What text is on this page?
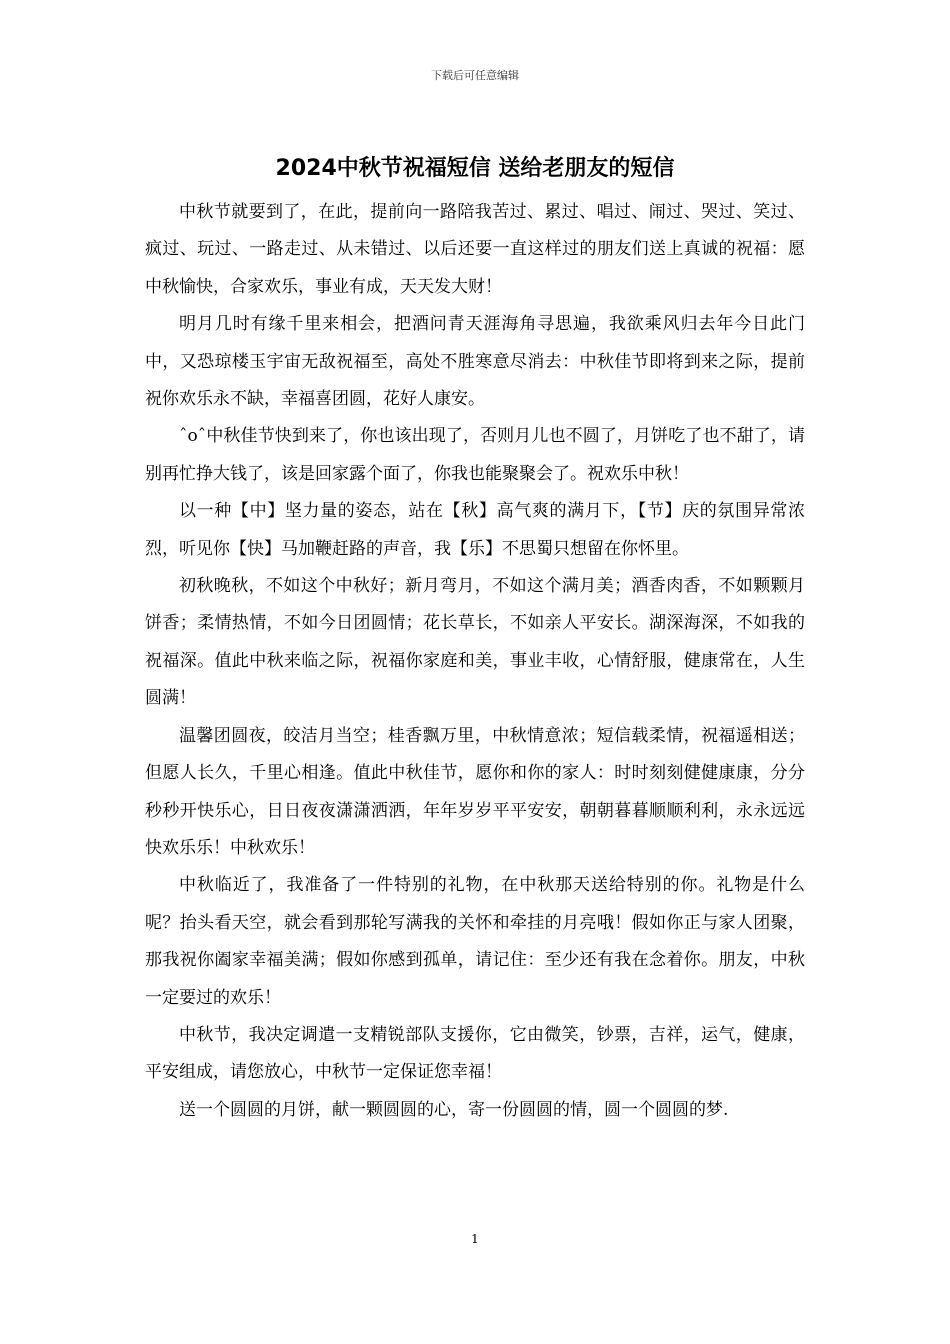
下载后可任意编辑
2024中秋节祝福短信 送给老朋友的短信

中秋节就要到了，在此，提前向一路陪我苦过、累过、唱过、闹过、哭过、笑过、疯过、玩过、一路走过、从未错过、以后还要一直这样过的朋友们送上真诚的祝福：愿中秋愉快，合家欢乐，事业有成，天天发大财！

明月几时有缘千里来相会，把酒问青天涯海角寻思遍，我欲乘风归去年今日此门中，又恐琼楼玉宇宙无敌祝福至，高处不胜寒意尽消去：中秋佳节即将到来之际，提前祝你欢乐永不缺，幸福喜团圆，花好人康安。

ˆoˆ中秋佳节快到来了，你也该出现了，否则月儿也不圆了，月饼吃了也不甜了，请别再忙挣大钱了，该是回家露个面了，你我也能聚聚会了。祝欢乐中秋！

以一种【中】坚力量的姿态，站在【秋】高气爽的满月下，【节】庆的氛围异常浓烈，听见你【快】马加鞭赶路的声音，我【乐】不思蜀只想留在你怀里。

初秋晚秋，不如这个中秋好；新月弯月，不如这个满月美；酒香肉香，不如颗颗月饼香；柔情热情，不如今日团圆情；花长草长，不如亲人平安长。湖深海深，不如我的祝福深。值此中秋来临之际，祝福你家庭和美，事业丰收，心情舒服，健康常在，人生圆满！

温馨团圆夜，皎洁月当空；桂香飘万里，中秋情意浓；短信载柔情，祝福遥相送；但愿人长久，千里心相逢。值此中秋佳节，愿你和你的家人：时时刻刻健健康康，分分秒秒开快乐心，日日夜夜潇潇洒洒，年年岁岁平平安安，朝朝暮暮顺顺利利，永永远远快欢乐乐！中秋欢乐！

中秋临近了，我准备了一件特别的礼物，在中秋那天送给特别的你。礼物是什么呢？抬头看天空，就会看到那轮写满我的关怀和牵挂的月亮哦！假如你正与家人团聚，那我祝你阖家幸福美满；假如你感到孤单，请记住：至少还有我在念着你。朋友，中秋一定要过的欢乐！

中秋节，我决定调遣一支精锐部队支援你，它由微笑，钞票，吉祥，运气，健康，平安组成，请您放心，中秋节一定保证您幸福！

送一个圆圆的月饼，献一颗圆圆的心，寄一份圆圆的情，圆一个圆圆的梦.

1
